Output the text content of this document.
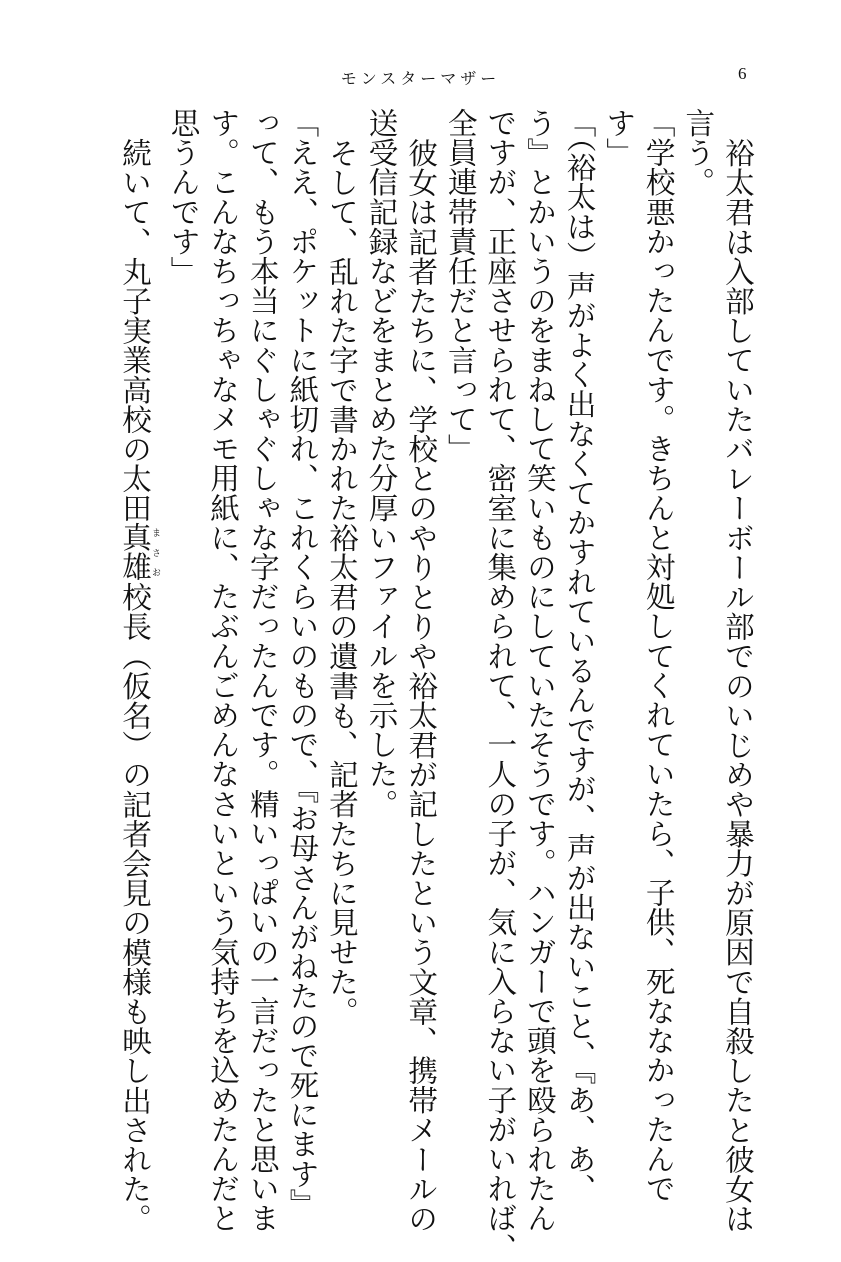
モンスターマザー	6
裕太君は入部していたバレーボール部でのいじめや暴力が原因で自殺したと彼女は
言う。
「学校悪かったんです。きちんと対処してくれていたら、子供、死ななかったんで
す」
「（裕太は）声がよく出なくてかすれているんですが、声が出ないこと、『あ、あ、
う』とかいうのをまねして笑いものにしていたそうです。ハンガーで頭を殴られたん
ですが、正座させられて、密室に集められて、一人の子が、気に入らない子がいれば、
全員連帯責任だと言って」
彼女は記者たちに、学校とのやりとりや裕太君が記したという文章、携帯メールの
送受信記録などをまとめた分厚いファイルを示した。
そして、乱れた字で書かれた裕太君の遺書も、記者たちに見せた。
「ええ、ポケットに紙切れ、これくらいのもので、『お母さんがねたので死にます』
って、もう本当にぐしゃぐしゃな字だったんです。精いっぱいの一言だったと思いま
す。こんなちっちゃなメモ用紙に、たぶんごめんなさいという気持ちを込めたんだと
思うんです」
続いて、丸子実業高校の太田真雄まさお校長（仮名）の記者会見の模様も映し出された。
